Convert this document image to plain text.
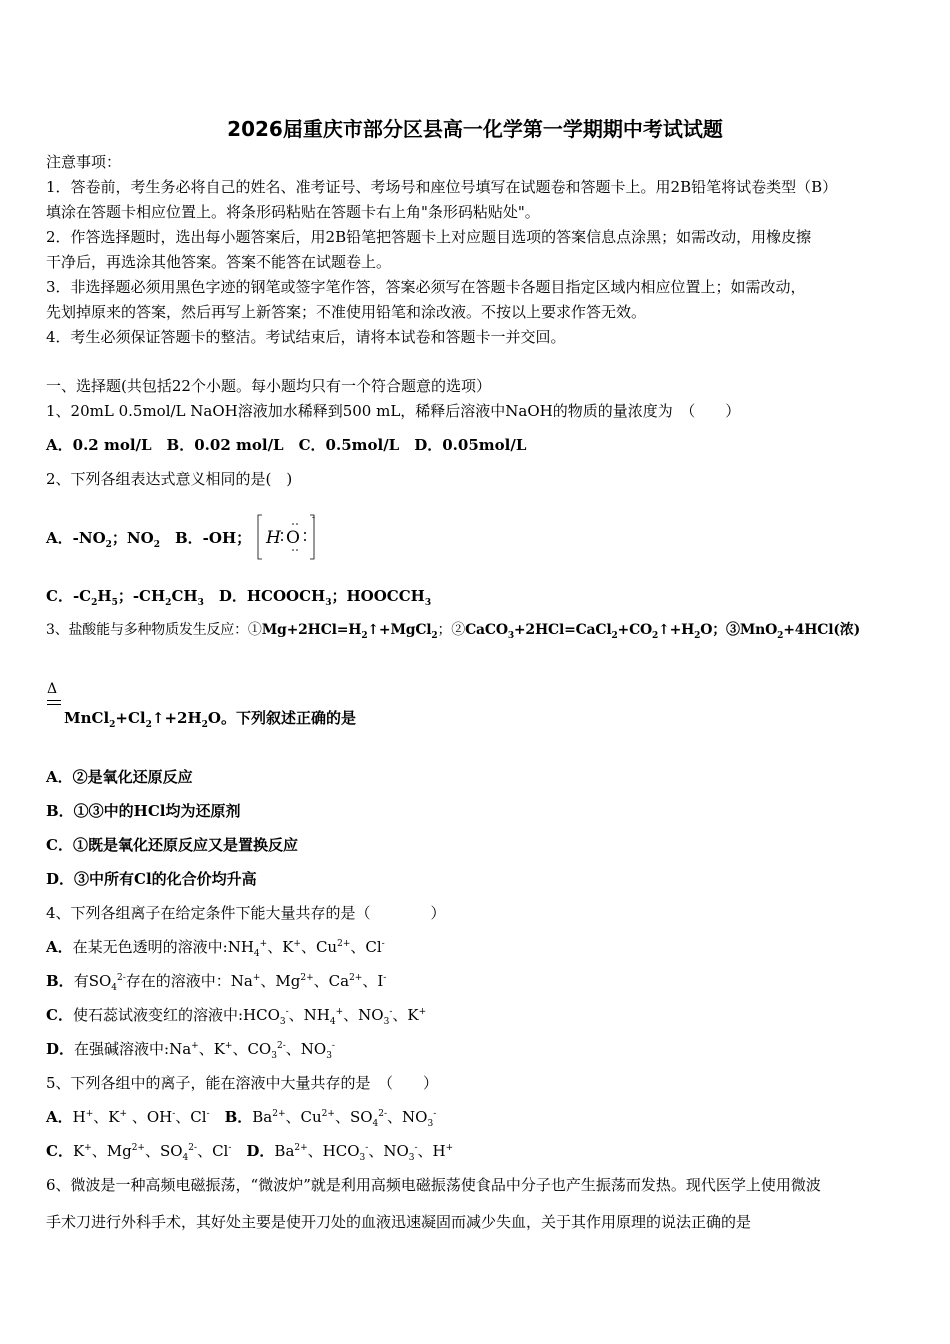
2026届重庆市部分区县高一化学第一学期期中考试试题
注意事项：
1．答卷前，考生务必将自己的姓名、准考证号、考场号和座位号填写在试题卷和答题卡上。用2B铅笔将试卷类型（B）
填涂在答题卡相应位置上。将条形码粘贴在答题卡右上角"条形码粘贴处"。
2．作答选择题时，选出每小题答案后，用2B铅笔把答题卡上对应题目选项的答案信息点涂黑；如需改动，用橡皮擦
干净后，再选涂其他答案。答案不能答在试题卷上。
3．非选择题必须用黑色字迹的钢笔或签字笔作答，答案必须写在答题卡各题目指定区域内相应位置上；如需改动，
先划掉原来的答案，然后再写上新答案；不准使用铅笔和涂改液。不按以上要求作答无效。
4．考生必须保证答题卡的整洁。考试结束后，请将本试卷和答题卡一并交回。
一、选择题(共包括22个小题。每小题均只有一个符合题意的选项）
1、20mL 0.5mol/L NaOH溶液加水稀释到500 mL，稀释后溶液中NaOH的物质的量浓度为　（　　）
A．0.2 mol/L　B．0.02 mol/L　C．0.5mol/L　D．0.05mol/L
2、下列各组表达式意义相同的是(　)
A．$-NO_2$；$NO_2$　B．-OH； H O
-
C．$-C_2H_5$；$-CH_2CH_3$　D．$HCOOCH_3$；$HOOCCH_3$
3、盐酸能与多种物质发生反应：$①Mg+2HCl=H_2↑+MgCl_2$；$②CaCO_3+2HCl=CaCl_2+CO_2↑+H_2O$；③MnO$_2$+4HCl(浓)
Δ
$MnCl_2+Cl_2↑+2H_2O$。下列叙述正确的是
A．②是氧化还原反应
B．①③中的HCl均为还原剂
C．①既是氧化还原反应又是置换反应
D．③中所有Cl的化合价均升高
4、下列各组离子在给定条件下能大量共存的是（　　　　）
A．在某无色透明的溶液中$:NH_4^+$、K+、$Cu^{2+}$、Cl-
B．有$SO_4^{2-}$存在的溶液中：Na+、$Mg^{2+}$、$Ca^{2+}$、I-
C．使石蕊试液变红的溶液中$:HCO_3^-$、$NH_4^+$、$NO_3^-$、K+
D．在强碱溶液中:Na+、K+、$CO_3^{2-}$、$NO_3^-$
5、下列各组中的离子，能在溶液中大量共存的是　（　　）
A．H+、K+ 、OH-、Cl-　 B．$Ba^{2+}$、$Cu^{2+}$、$SO_4^{2-}$、$NO_3^-$
C．K+、$Mg^{2+}$、$SO_4^{2-}$、Cl-　 D．$Ba^{2+}$、$HCO_3^-$、$NO_3^-$、H+
6、微波是一种高频电磁振荡，“微波炉”就是利用高频电磁振荡使食品中分子也产生振荡而发热。现代医学上使用微波
手术刀进行外科手术，其好处主要是使开刀处的血液迅速凝固而减少失血，关于其作用原理的说法正确的是
